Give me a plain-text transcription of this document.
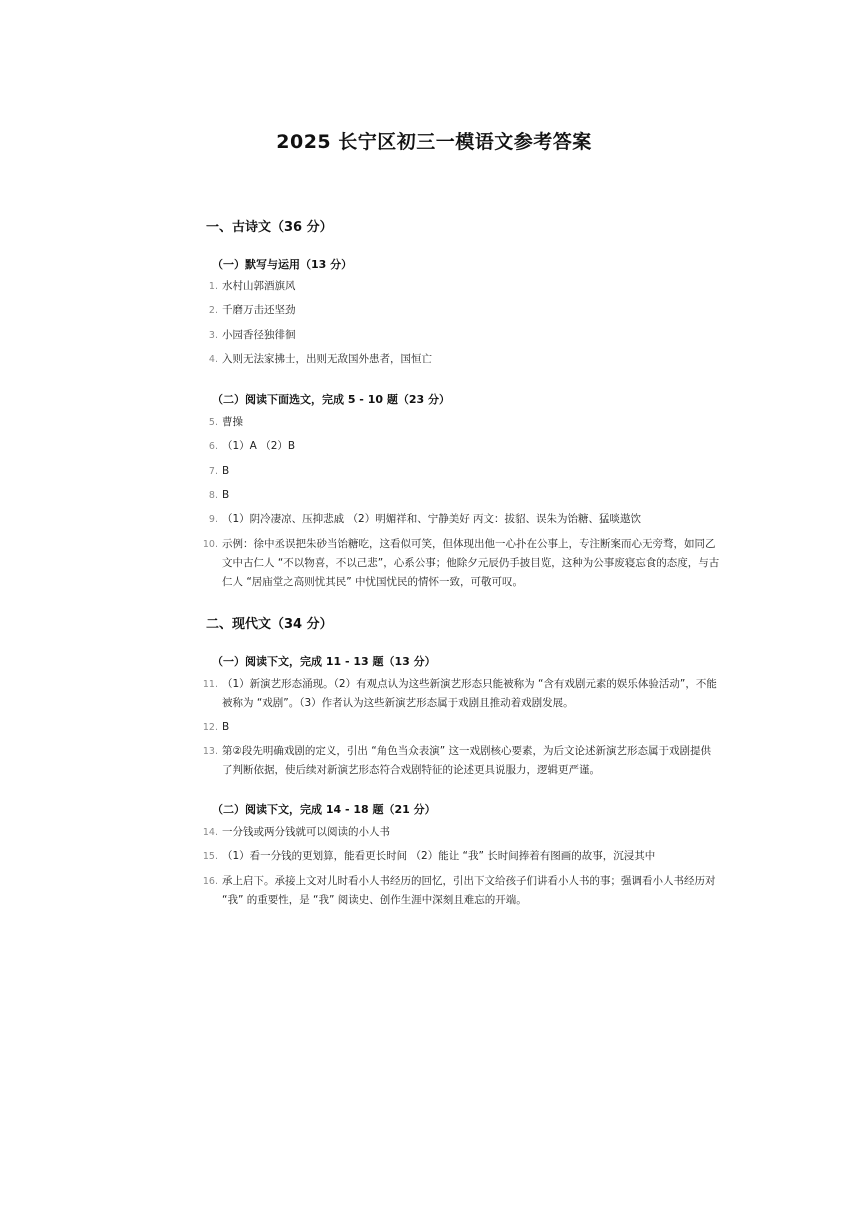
2025 长宁区初三一模语文参考答案
一、古诗文（36 分）
（一）默写与运用（13 分）
1. 水村山郭酒旗风
2. 千磨万击还坚劲
3. 小园香径独徘徊
4. 入则无法家拂士，出则无敌国外患者，国恒亡
（二）阅读下面选文，完成 5 - 10 题（23 分）
5. 曹操
6. （1）A （2）B
7. B
8. B
9. （1）阴冷凄凉、压抑悲戚 （2）明媚祥和、宁静美好 丙文：拔貂、误朱为饴糖、猛啖遨饮
10. 示例：徐中丞误把朱砂当饴糖吃，这看似可笑，但体现出他一心扑在公事上，专注断案而心无旁骛，如同乙文中古仁人 “不以物喜，不以己悲”，心系公事；他除夕元辰仍手披目览，这种为公事废寝忘食的态度，与古仁人 “居庙堂之高则忧其民” 中忧国忧民的情怀一致，可敬可叹。
二、现代文（34 分）
（一）阅读下文，完成 11 - 13 题（13 分）
11. （1）新演艺形态涌现。（2）有观点认为这些新演艺形态只能被称为 “含有戏剧元素的娱乐体验活动”，不能被称为 “戏剧”。（3）作者认为这些新演艺形态属于戏剧且推动着戏剧发展。
12. B
13. 第②段先明确戏剧的定义，引出 “角色当众表演” 这一戏剧核心要素，为后文论述新演艺形态属于戏剧提供了判断依据，使后续对新演艺形态符合戏剧特征的论述更具说服力，逻辑更严谨。
（二）阅读下文，完成 14 - 18 题（21 分）
14. 一分钱或两分钱就可以阅读的小人书
15. （1）看一分钱的更划算，能看更长时间 （2）能让 “我” 长时间捧着有图画的故事，沉浸其中
16. 承上启下。承接上文对儿时看小人书经历的回忆，引出下文给孩子们讲看小人书的事；强调看小人书经历对 “我” 的重要性，是 “我” 阅读史、创作生涯中深刻且难忘的开端。
